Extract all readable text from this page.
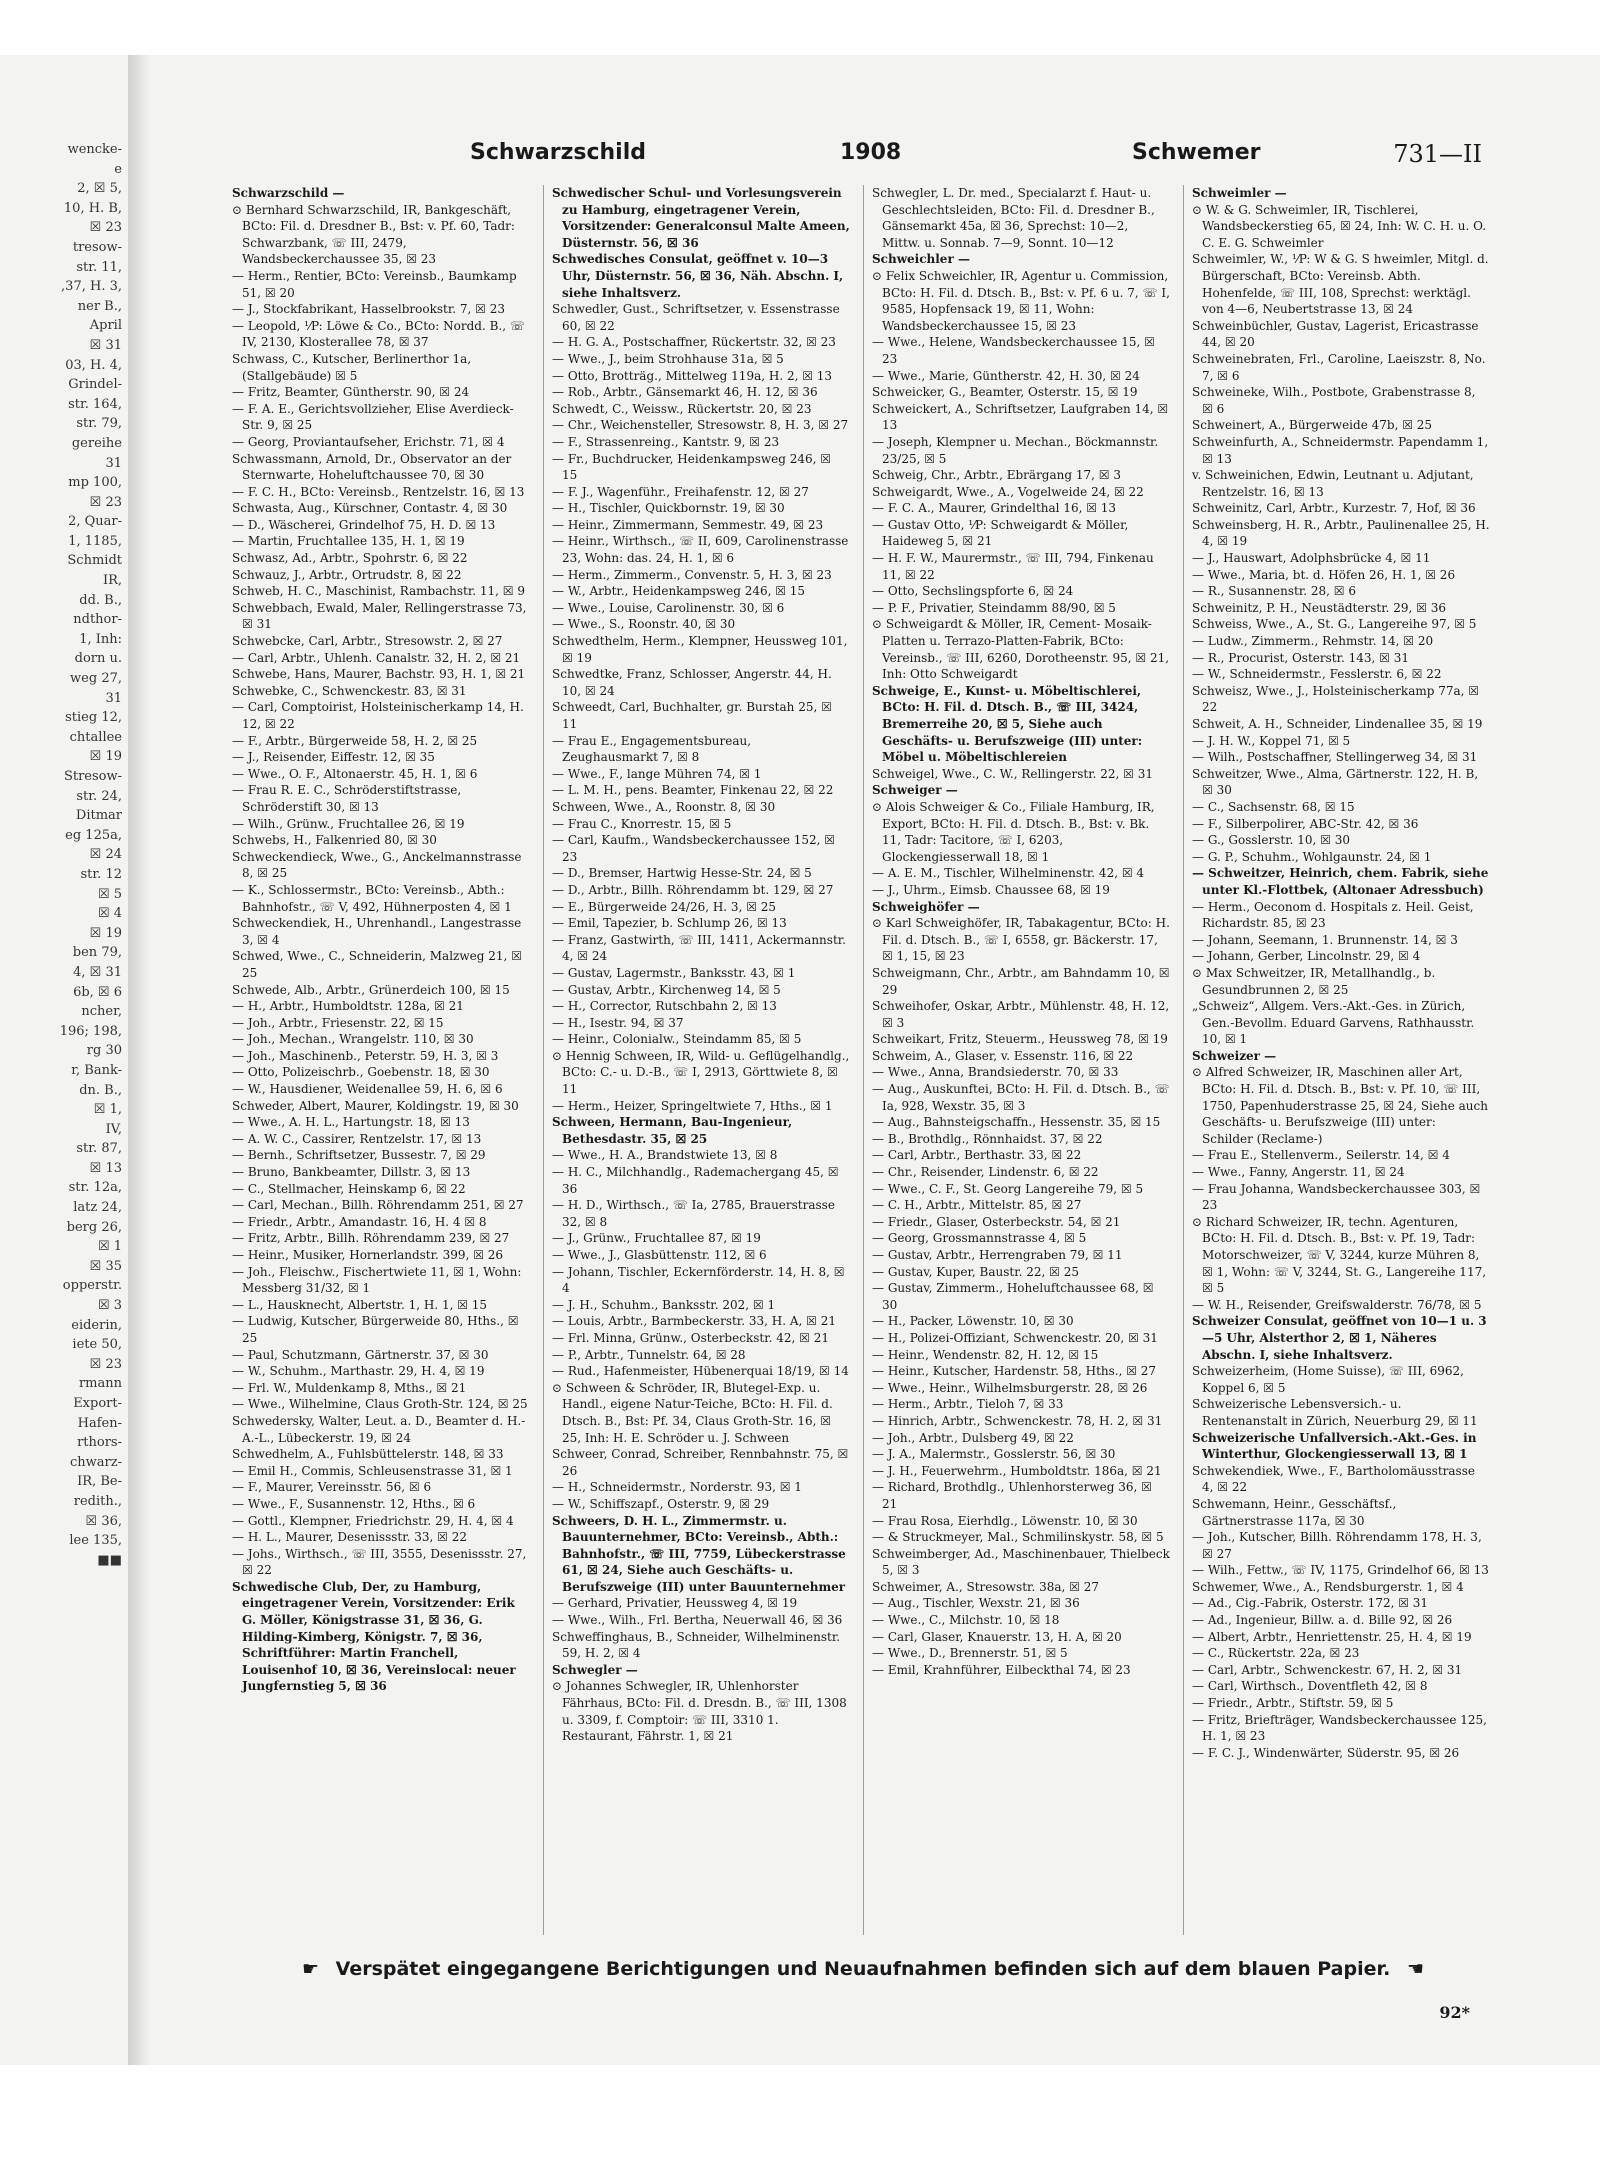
wencke-
e
2, ☒ 5,
10, H. B,
☒ 23
tresow-
str. 11,
,37, H. 3,
ner B.,
April
☒ 31
03, H. 4,
Grindel-
str. 164,
str. 79,
gereihe
31
mp 100,
☒ 23
2, Quar-
1, 1185,
Schmidt
IR,
dd. B.,
ndthor-
1, Inh:
dorn u.
weg 27,
31
stieg 12,
chtallee
☒ 19
Stresow-
str. 24,
Ditmar
eg 125a,
☒ 24
str. 12
☒ 5
☒ 4
☒ 19
ben 79,
4, ☒ 31
6b, ☒ 6
ncher,
196; 198,
rg 30
r, Bank-
dn. B.,
☒ 1,
IV,
str. 87,
☒ 13
str. 12a,
latz 24,
berg 26,
☒ 1
☒ 35
opperstr.
☒ 3
eiderin,
iete 50,
☒ 23
rmann
Export-
Hafen-
rthors-
chwarz-
IR, Be-
redith.,
☒ 36,
lee 135,
■■
Schwarzschild	1908	Schwemer	731—II

Schwarzschild —

⊙ Bernhard Schwarzschild, IR, Bankgeschäft, BCto: Fil. d. Dresdner B., Bst: v. Pf. 60, Tadr: Schwarzbank, ☏ III, 2479, Wandsbeckerchaussee 35, ☒ 23

— Herm., Rentier, BCto: Vereinsb., Baumkamp 51, ☒ 20

— J., Stockfabrikant, Hasselbrookstr. 7, ☒ 23

— Leopold, ⅟P: Löwe & Co., BCto: Nordd. B., ☏ IV, 2130, Klosterallee 78, ☒ 37

Schwass, C., Kutscher, Berlinerthor 1a, (Stallgebäude) ☒ 5

— Fritz, Beamter, Güntherstr. 90, ☒ 24

— F. A. E., Gerichtsvollzieher, Elise Averdieck-Str. 9, ☒ 25

— Georg, Proviantaufseher, Erichstr. 71, ☒ 4

Schwassmann, Arnold, Dr., Observator an der Sternwarte, Hoheluftchaussee 70, ☒ 30

— F. C. H., BCto: Vereinsb., Rentzelstr. 16, ☒ 13

Schwasta, Aug., Kürschner, Contastr. 4, ☒ 30

— D., Wäscherei, Grindelhof 75, H. D. ☒ 13

— Martin, Fruchtallee 135, H. 1, ☒ 19

Schwasz, Ad., Arbtr., Spohrstr. 6, ☒ 22

Schwauz, J., Arbtr., Ortrudstr. 8, ☒ 22

Schweb, H. C., Maschinist, Rambachstr. 11, ☒ 9

Schwebbach, Ewald, Maler, Rellingerstrasse 73, ☒ 31

Schwebcke, Carl, Arbtr., Stresowstr. 2, ☒ 27

— Carl, Arbtr., Uhlenh. Canalstr. 32, H. 2, ☒ 21

Schwebe, Hans, Maurer, Bachstr. 93, H. 1, ☒ 21

Schwebke, C., Schwenckestr. 83, ☒ 31

— Carl, Comptoirist, Holsteinischerkamp 14, H. 12, ☒ 22

— F., Arbtr., Bürgerweide 58, H. 2, ☒ 25

— J., Reisender, Eiffestr. 12, ☒ 35

— Wwe., O. F., Altonaerstr. 45, H. 1, ☒ 6

— Frau R. E. C., Schröderstiftstrasse, Schröderstift 30, ☒ 13

— Wilh., Grünw., Fruchtallee 26, ☒ 19

Schwebs, H., Falkenried 80, ☒ 30

Schweckendieck, Wwe., G., Anckelmannstrasse 8, ☒ 25

— K., Schlossermstr., BCto: Vereinsb., Abth.: Bahnhofstr., ☏ V, 492, Hühnerposten 4, ☒ 1

Schweckendiek, H., Uhrenhandl., Langestrasse 3, ☒ 4

Schwed, Wwe., C., Schneiderin, Malzweg 21, ☒ 25

Schwede, Alb., Arbtr., Grünerdeich 100, ☒ 15

— H., Arbtr., Humboldtstr. 128a, ☒ 21

— Joh., Arbtr., Friesenstr. 22, ☒ 15

— Joh., Mechan., Wrangelstr. 110, ☒ 30

— Joh., Maschinenb., Peterstr. 59, H. 3, ☒ 3

— Otto, Polizeischrb., Goebenstr. 18, ☒ 30

— W., Hausdiener, Weidenallee 59, H. 6, ☒ 6

Schweder, Albert, Maurer, Koldingstr. 19, ☒ 30

— Wwe., A. H. L., Hartungstr. 18, ☒ 13

— A. W. C., Cassirer, Rentzelstr. 17, ☒ 13

— Bernh., Schriftsetzer, Bussestr. 7, ☒ 29

— Bruno, Bankbeamter, Dillstr. 3, ☒ 13

— C., Stellmacher, Heinskamp 6, ☒ 22

— Carl, Mechan., Billh. Röhrendamm 251, ☒ 27

— Friedr., Arbtr., Amandastr. 16, H. 4 ☒ 8

— Fritz, Arbtr., Billh. Röhrendamm 239, ☒ 27

— Heinr., Musiker, Hornerlandstr. 399, ☒ 26

— Joh., Fleischw., Fischertwiete 11, ☒ 1, Wohn: Messberg 31/32, ☒ 1

— L., Hausknecht, Albertstr. 1, H. 1, ☒ 15

— Ludwig, Kutscher, Bürgerweide 80, Hths., ☒ 25

— Paul, Schutzmann, Gärtnerstr. 37, ☒ 30

— W., Schuhm., Marthastr. 29, H. 4, ☒ 19

— Frl. W., Muldenkamp 8, Mths., ☒ 21

— Wwe., Wilhelmine, Claus Groth-Str. 124, ☒ 25

Schwedersky, Walter, Leut. a. D., Beamter d. H.-A.-L., Lübeckerstr. 19, ☒ 24

Schwedhelm, A., Fuhlsbüttelerstr. 148, ☒ 33

— Emil H., Commis, Schleusenstrasse 31, ☒ 1

— F., Maurer, Vereinsstr. 56, ☒ 6

— Wwe., F., Susannenstr. 12, Hths., ☒ 6

— Gottl., Klempner, Friedrichstr. 29, H. 4, ☒ 4

— H. L., Maurer, Desenissstr. 33, ☒ 22

— Johs., Wirthsch., ☏ III, 3555, Desenissstr. 27, ☒ 22

Schwedische Club, Der, zu Hamburg, eingetragener Verein, Vorsitzender: Erik G. Möller, Königstrasse 31, ☒ 36, G. Hilding-Kimberg, Königstr. 7, ☒ 36, Schriftführer: Martin Franchell, Louisenhof 10, ☒ 36, Vereinslocal: neuer Jungfernstieg 5, ☒ 36

Schwedischer Schul- und Vorlesungsverein zu Hamburg, eingetragener Verein, Vorsitzender: Generalconsul Malte Ameen, Düsternstr. 56, ☒ 36

Schwedisches Consulat, geöffnet v. 10—3 Uhr, Düsternstr. 56, ☒ 36, Näh. Abschn. I, siehe Inhaltsverz.

Schwedler, Gust., Schriftsetzer, v. Essenstrasse 60, ☒ 22

— H. G. A., Postschaffner, Rückertstr. 32, ☒ 23

— Wwe., J., beim Strohhause 31a, ☒ 5

— Otto, Brotträg., Mittelweg 119a, H. 2, ☒ 13

— Rob., Arbtr., Gänsemarkt 46, H. 12, ☒ 36

Schwedt, C., Weissw., Rückertstr. 20, ☒ 23

— Chr., Weichensteller, Stresowstr. 8, H. 3, ☒ 27

— F., Strassenreing., Kantstr. 9, ☒ 23

— Fr., Buchdrucker, Heidenkampsweg 246, ☒ 15

— F. J., Wagenführ., Freihafenstr. 12, ☒ 27

— H., Tischler, Quickbornstr. 19, ☒ 30

— Heinr., Zimmermann, Semmestr. 49, ☒ 23

— Heinr., Wirthsch., ☏ II, 609, Carolinenstrasse 23, Wohn: das. 24, H. 1, ☒ 6

— Herm., Zimmerm., Convenstr. 5, H. 3, ☒ 23

— W., Arbtr., Heidenkampsweg 246, ☒ 15

— Wwe., Louise, Carolinenstr. 30, ☒ 6

— Wwe., S., Roonstr. 40, ☒ 30

Schwedthelm, Herm., Klempner, Heussweg 101, ☒ 19

Schwedtke, Franz, Schlosser, Angerstr. 44, H. 10, ☒ 24

Schweedt, Carl, Buchhalter, gr. Burstah 25, ☒ 11

— Frau E., Engagementsbureau, Zeughausmarkt 7, ☒ 8

— Wwe., F., lange Mühren 74, ☒ 1

— L. M. H., pens. Beamter, Finkenau 22, ☒ 22

Schween, Wwe., A., Roonstr. 8, ☒ 30

— Frau C., Knorrestr. 15, ☒ 5

— Carl, Kaufm., Wandsbeckerchaussee 152, ☒ 23

— D., Bremser, Hartwig Hesse-Str. 24, ☒ 5

— D., Arbtr., Billh. Röhrendamm bt. 129, ☒ 27

— E., Bürgerweide 24/26, H. 3, ☒ 25

— Emil, Tapezier, b. Schlump 26, ☒ 13

— Franz, Gastwirth, ☏ III, 1411, Ackermannstr. 4, ☒ 24

— Gustav, Lagermstr., Banksstr. 43, ☒ 1

— Gustav, Arbtr., Kirchenweg 14, ☒ 5

— H., Corrector, Rutschbahn 2, ☒ 13

— H., Isestr. 94, ☒ 37

— Heinr., Colonialw., Steindamm 85, ☒ 5

⊙ Hennig Schween, IR, Wild- u. Geflügelhandlg., BCto: C.- u. D.-B., ☏ I, 2913, Görttwiete 8, ☒ 11

— Herm., Heizer, Springeltwiete 7, Hths., ☒ 1

Schween, Hermann, Bau-Ingenieur, Bethesdastr. 35, ☒ 25

— Wwe., H. A., Brandstwiete 13, ☒ 8

— H. C., Milchhandlg., Rademachergang 45, ☒ 36

— H. D., Wirthsch., ☏ Ia, 2785, Brauerstrasse 32, ☒ 8

— J., Grünw., Fruchtallee 87, ☒ 19

— Wwe., J., Glasbüttenstr. 112, ☒ 6

— Johann, Tischler, Eckernförderstr. 14, H. 8, ☒ 4

— J. H., Schuhm., Banksstr. 202, ☒ 1

— Louis, Arbtr., Barmbeckerstr. 33, H. A, ☒ 21

— Frl. Minna, Grünw., Osterbeckstr. 42, ☒ 21

— P., Arbtr., Tunnelstr. 64, ☒ 28

— Rud., Hafenmeister, Hübenerquai 18/19, ☒ 14

⊙ Schween & Schröder, IR, Blutegel-Exp. u. Handl., eigene Natur-Teiche, BCto: H. Fil. d. Dtsch. B., Bst: Pf. 34, Claus Groth-Str. 16, ☒ 25, Inh: H. E. Schröder u. J. Schween

Schweer, Conrad, Schreiber, Rennbahnstr. 75, ☒ 26

— H., Schneidermstr., Norderstr. 93, ☒ 1

— W., Schiffszapf., Osterstr. 9, ☒ 29

Schweers, D. H. L., Zimmermstr. u. Bauunternehmer, BCto: Vereinsb., Abth.: Bahnhofstr., ☏ III, 7759, Lübeckerstrasse 61, ☒ 24, Siehe auch Geschäfts- u. Berufszweige (III) unter Bauunternehmer

— Gerhard, Privatier, Heussweg 4, ☒ 19

— Wwe., Wilh., Frl. Bertha, Neuerwall 46, ☒ 36

Schweffinghaus, B., Schneider, Wilhelminenstr. 59, H. 2, ☒ 4

Schwegler —

⊙ Johannes Schwegler, IR, Uhlenhorster Fährhaus, BCto: Fil. d. Dresdn. B., ☏ III, 1308 u. 3309, f. Comptoir: ☏ III, 3310 1. Restaurant, Fährstr. 1, ☒ 21

Schwegler, L. Dr. med., Specialarzt f. Haut- u. Geschlechtsleiden, BCto: Fil. d. Dresdner B., Gänsemarkt 45a, ☒ 36, Sprechst: 10—2, Mittw. u. Sonnab. 7—9, Sonnt. 10—12

Schweichler —

⊙ Felix Schweichler, IR, Agentur u. Commission, BCto: H. Fil. d. Dtsch. B., Bst: v. Pf. 6 u. 7, ☏ I, 9585, Hopfensack 19, ☒ 11, Wohn: Wandsbeckerchaussee 15, ☒ 23

— Wwe., Helene, Wandsbeckerchaussee 15, ☒ 23

— Wwe., Marie, Güntherstr. 42, H. 30, ☒ 24

Schweicker, G., Beamter, Osterstr. 15, ☒ 19

Schweickert, A., Schriftsetzer, Laufgraben 14, ☒ 13

— Joseph, Klempner u. Mechan., Böckmannstr. 23/25, ☒ 5

Schweig, Chr., Arbtr., Ebrärgang 17, ☒ 3

Schweigardt, Wwe., A., Vogelweide 24, ☒ 22

— F. C. A., Maurer, Grindelthal 16, ☒ 13

— Gustav Otto, ⅟P: Schweigardt & Möller, Haideweg 5, ☒ 21

— H. F. W., Maurermstr., ☏ III, 794, Finkenau 11, ☒ 22

— Otto, Sechslingspforte 6, ☒ 24

— P. F., Privatier, Steindamm 88/90, ☒ 5

⊙ Schweigardt & Möller, IR, Cement- Mosaik- Platten u. Terrazo-Platten-Fabrik, BCto: Vereinsb., ☏ III, 6260, Dorotheenstr. 95, ☒ 21, Inh: Otto Schweigardt

Schweige, E., Kunst- u. Möbeltischlerei, BCto: H. Fil. d. Dtsch. B., ☏ III, 3424, Bremerreihe 20, ☒ 5, Siehe auch Geschäfts- u. Berufszweige (III) unter: Möbel u. Möbeltischlereien

Schweigel, Wwe., C. W., Rellingerstr. 22, ☒ 31

Schweiger —

⊙ Alois Schweiger & Co., Filiale Hamburg, IR, Export, BCto: H. Fil. d. Dtsch. B., Bst: v. Bk. 11, Tadr: Tacitore, ☏ I, 6203, Glockengiesserwall 18, ☒ 1

— A. E. M., Tischler, Wilhelminenstr. 42, ☒ 4

— J., Uhrm., Eimsb. Chaussee 68, ☒ 19

Schweighöfer —

⊙ Karl Schweighöfer, IR, Tabakagentur, BCto: H. Fil. d. Dtsch. B., ☏ I, 6558, gr. Bäckerstr. 17, ☒ 1, 15, ☒ 23

Schweigmann, Chr., Arbtr., am Bahndamm 10, ☒ 29

Schweihofer, Oskar, Arbtr., Mühlenstr. 48, H. 12, ☒ 3

Schweikart, Fritz, Steuerm., Heussweg 78, ☒ 19

Schweim, A., Glaser, v. Essenstr. 116, ☒ 22

— Wwe., Anna, Brandsiederstr. 70, ☒ 33

— Aug., Auskunftei, BCto: H. Fil. d. Dtsch. B., ☏ Ia, 928, Wexstr. 35, ☒ 3

— Aug., Bahnsteigschaffn., Hessenstr. 35, ☒ 15

— B., Brothdlg., Rönnhaidst. 37, ☒ 22

— Carl, Arbtr., Berthastr. 33, ☒ 22

— Chr., Reisender, Lindenstr. 6, ☒ 22

— Wwe., C. F., St. Georg Langereihe 79, ☒ 5

— C. H., Arbtr., Mittelstr. 85, ☒ 27

— Friedr., Glaser, Osterbeckstr. 54, ☒ 21

— Georg, Grossmannstrasse 4, ☒ 5

— Gustav, Arbtr., Herrengraben 79, ☒ 11

— Gustav, Kuper, Baustr. 22, ☒ 25

— Gustav, Zimmerm., Hoheluftchaussee 68, ☒ 30

— H., Packer, Löwenstr. 10, ☒ 30

— H., Polizei-Offiziant, Schwenckestr. 20, ☒ 31

— Heinr., Wendenstr. 82, H. 12, ☒ 15

— Heinr., Kutscher, Hardenstr. 58, Hths., ☒ 27

— Wwe., Heinr., Wilhelmsburgerstr. 28, ☒ 26

— Herm., Arbtr., Tieloh 7, ☒ 33

— Hinrich, Arbtr., Schwenckestr. 78, H. 2, ☒ 31

— Joh., Arbtr., Dulsberg 49, ☒ 22

— J. A., Malermstr., Gosslerstr. 56, ☒ 30

— J. H., Feuerwehrm., Humboldtstr. 186a, ☒ 21

— Richard, Brothdlg., Uhlenhorsterweg 36, ☒ 21

— Frau Rosa, Eierhdlg., Löwenstr. 10, ☒ 30

— & Struckmeyer, Mal., Schmilinskystr. 58, ☒ 5

Schweimberger, Ad., Maschinenbauer, Thielbeck 5, ☒ 3

Schweimer, A., Stresowstr. 38a, ☒ 27

— Aug., Tischler, Wexstr. 21, ☒ 36

— Wwe., C., Milchstr. 10, ☒ 18

— Carl, Glaser, Knauerstr. 13, H. A, ☒ 20

— Wwe., D., Brennerstr. 51, ☒ 5

— Emil, Krahnführer, Eilbeckthal 74, ☒ 23

Schweimler —

⊙ W. & G. Schweimler, IR, Tischlerei, Wandsbeckerstieg 65, ☒ 24, Inh: W. C. H. u. O. C. E. G. Schweimler

Schweimler, W., ⅟P: W & G. S hweimler, Mitgl. d. Bürgerschaft, BCto: Vereinsb. Abth. Hohenfelde, ☏ III, 108, Sprechst: werktägl. von 4—6, Neubertstrasse 13, ☒ 24

Schweinbüchler, Gustav, Lagerist, Ericastrasse 44, ☒ 20

Schweinebraten, Frl., Caroline, Laeiszstr. 8, No. 7, ☒ 6

Schweineke, Wilh., Postbote, Grabenstrasse 8, ☒ 6

Schweinert, A., Bürgerweide 47b, ☒ 25

Schweinfurth, A., Schneidermstr. Papendamm 1, ☒ 13

v. Schweinichen, Edwin, Leutnant u. Adjutant, Rentzelstr. 16, ☒ 13

Schweinitz, Carl, Arbtr., Kurzestr. 7, Hof, ☒ 36

Schweinsberg, H. R., Arbtr., Paulinenallee 25, H. 4, ☒ 19

— J., Hauswart, Adolphsbrücke 4, ☒ 11

— Wwe., Maria, bt. d. Höfen 26, H. 1, ☒ 26

— R., Susannenstr. 28, ☒ 6

Schweinitz, P. H., Neustädterstr. 29, ☒ 36

Schweiss, Wwe., A., St. G., Langereihe 97, ☒ 5

— Ludw., Zimmerm., Rehmstr. 14, ☒ 20

— R., Procurist, Osterstr. 143, ☒ 31

— W., Schneidermstr., Fesslerstr. 6, ☒ 22

Schweisz, Wwe., J., Holsteinischerkamp 77a, ☒ 22

Schweit, A. H., Schneider, Lindenallee 35, ☒ 19

— J. H. W., Koppel 71, ☒ 5

— Wilh., Postschaffner, Stellingerweg 34, ☒ 31

Schweitzer, Wwe., Alma, Gärtnerstr. 122, H. B, ☒ 30

— C., Sachsenstr. 68, ☒ 15

— F., Silberpolirer, ABC-Str. 42, ☒ 36

— G., Gosslerstr. 10, ☒ 30

— G. P., Schuhm., Wohlgaunstr. 24, ☒ 1

— Schweitzer, Heinrich, chem. Fabrik, siehe unter Kl.-Flottbek, (Altonaer Adressbuch)

— Herm., Oeconom d. Hospitals z. Heil. Geist, Richardstr. 85, ☒ 23

— Johann, Seemann, 1. Brunnenstr. 14, ☒ 3

— Johann, Gerber, Lincolnstr. 29, ☒ 4

⊙ Max Schweitzer, IR, Metallhandlg., b. Gesundbrunnen 2, ☒ 25

„Schweiz“, Allgem. Vers.-Akt.-Ges. in Zürich, Gen.-Bevollm. Eduard Garvens, Rathhausstr. 10, ☒ 1

Schweizer —

⊙ Alfred Schweizer, IR, Maschinen aller Art, BCto: H. Fil. d. Dtsch. B., Bst: v. Pf. 10, ☏ III, 1750, Papenhuderstrasse 25, ☒ 24, Siehe auch Geschäfts- u. Berufszweige (III) unter: Schilder (Reclame-)

— Frau E., Stellenverm., Seilerstr. 14, ☒ 4

— Wwe., Fanny, Angerstr. 11, ☒ 24

— Frau Johanna, Wandsbeckerchaussee 303, ☒ 23

⊙ Richard Schweizer, IR, techn. Agenturen, BCto: H. Fil. d. Dtsch. B., Bst: v. Pf. 19, Tadr: Motorschweizer, ☏ V, 3244, kurze Mühren 8, ☒ 1, Wohn: ☏ V, 3244, St. G., Langereihe 117, ☒ 5

— W. H., Reisender, Greifswalderstr. 76/78, ☒ 5

Schweizer Consulat, geöffnet von 10—1 u. 3—5 Uhr, Alsterthor 2, ☒ 1, Näheres Abschn. I, siehe Inhaltsverz.

Schweizerheim, (Home Suisse), ☏ III, 6962, Koppel 6, ☒ 5

Schweizerische Lebensversich.- u. Rentenanstalt in Zürich, Neuerburg 29, ☒ 11

Schweizerische Unfallversich.-Akt.-Ges. in Winterthur, Glockengiesserwall 13, ☒ 1

Schwekendiek, Wwe., F., Bartholomäusstrasse 4, ☒ 22

Schwemann, Heinr., Gesschäftsf., Gärtnerstrasse 117a, ☒ 30

— Joh., Kutscher, Billh. Röhrendamm 178, H. 3, ☒ 27

— Wilh., Fettw., ☏ IV, 1175, Grindelhof 66, ☒ 13

Schwemer, Wwe., A., Rendsburgerstr. 1, ☒ 4

— Ad., Cig.-Fabrik, Osterstr. 172, ☒ 31

— Ad., Ingenieur, Billw. a. d. Bille 92, ☒ 26

— Albert, Arbtr., Henriettenstr. 25, H. 4, ☒ 19

— C., Rückertstr. 22a, ☒ 23

— Carl, Arbtr., Schwenckestr. 67, H. 2, ☒ 31

— Carl, Wirthsch., Doventfleth 42, ☒ 8

— Friedr., Arbtr., Stiftstr. 59, ☒ 5

— Fritz, Briefträger, Wandsbeckerchaussee 125, H. 1, ☒ 23

— F. C. J., Windenwärter, Süderstr. 95, ☒ 26

☛ Verspätet eingegangene Berichtigungen und Neuaufnahmen befinden sich auf dem blauen Papier. ☚
92*
